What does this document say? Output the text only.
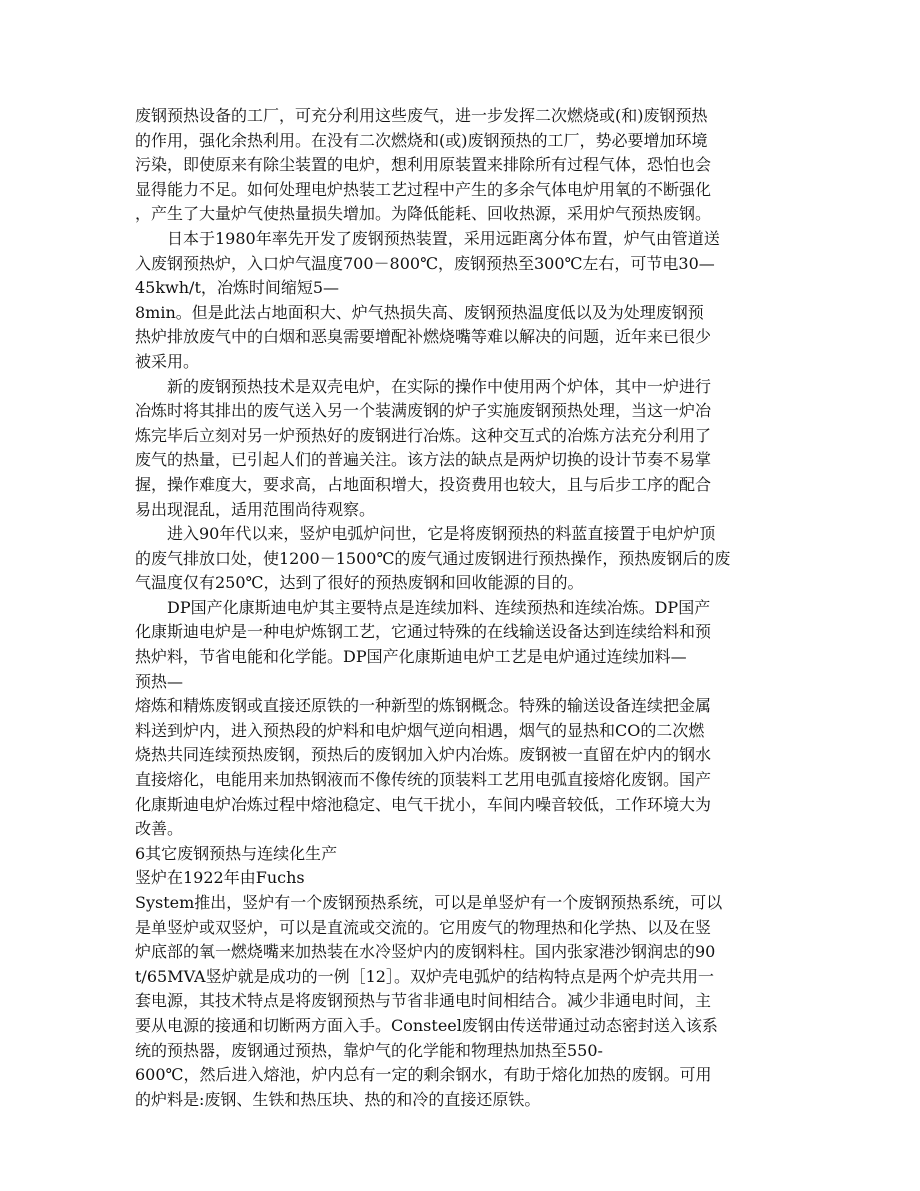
废钢预热设备的工厂，可充分利用这些废气，进一步发挥二次燃烧或(和)废钢预热
的作用，强化余热利用。在没有二次燃烧和(或)废钢预热的工厂，势必要增加环境
污染，即使原来有除尘装置的电炉，想利用原装置来排除所有过程气体，恐怕也会
显得能力不足。如何处理电炉热装工艺过程中产生的多余气体电炉用氧的不断强化
，产生了大量炉气使热量损失增加。为降低能耗、回收热源，采用炉气预热废钢。
　　日本于1980年率先开发了废钢预热装置，采用远距离分体布置，炉气由管道送
入废钢预热炉，入口炉气温度700－800℃，废钢预热至300℃左右，可节电30—
45kwh/t，冶炼时间缩短5—
8min。但是此法占地面积大、炉气热损失高、废钢预热温度低以及为处理废钢预
热炉排放废气中的白烟和恶臭需要增配补燃烧嘴等难以解决的问题，近年来已很少
被采用。
　　新的废钢预热技术是双壳电炉，在实际的操作中使用两个炉体，其中一炉进行
冶炼时将其排出的废气送入另一个装满废钢的炉子实施废钢预热处理，当这一炉冶
炼完毕后立刻对另一炉预热好的废钢进行冶炼。这种交互式的冶炼方法充分利用了
废气的热量，已引起人们的普遍关注。该方法的缺点是两炉切换的设计节奏不易掌
握，操作难度大，要求高，占地面积增大，投资费用也较大，且与后步工序的配合
易出现混乱，适用范围尚待观察。
　　进入90年代以来，竖炉电弧炉问世，它是将废钢预热的料蓝直接置于电炉炉顶
的废气排放口处，使1200－1500℃的废气通过废钢进行预热操作，预热废钢后的废
气温度仅有250℃，达到了很好的预热废钢和回收能源的目的。
　　DP国产化康斯迪电炉其主要特点是连续加料、连续预热和连续冶炼。DP国产
化康斯迪电炉是一种电炉炼钢工艺，它通过特殊的在线输送设备达到连续给料和预
热炉料，节省电能和化学能。DP国产化康斯迪电炉工艺是电炉通过连续加料—
预热—
熔炼和精炼废钢或直接还原铁的一种新型的炼钢概念。特殊的输送设备连续把金属
料送到炉内，进入预热段的炉料和电炉烟气逆向相遇，烟气的显热和CO的二次燃
烧热共同连续预热废钢，预热后的废钢加入炉内冶炼。废钢被一直留在炉内的钢水
直接熔化，电能用来加热钢液而不像传统的顶装料工艺用电弧直接熔化废钢。国产
化康斯迪电炉冶炼过程中熔池稳定、电气干扰小，车间内噪音较低，工作环境大为
改善。
6其它废钢预热与连续化生产
竖炉在1922年由Fuchs
System推出，竖炉有一个废钢预热系统，可以是单竖炉有一个废钢预热系统，可以
是单竖炉或双竖炉，可以是直流或交流的。它用废气的物理热和化学热、以及在竖
炉底部的氧一燃烧嘴来加热装在水冷竖炉内的废钢料柱。国内张家港沙钢润忠的90
t/65MVA竖炉就是成功的一例［12］。双炉壳电弧炉的结构特点是两个炉壳共用一
套电源，其技术特点是将废钢预热与节省非通电时间相结合。减少非通电时间，主
要从电源的接通和切断两方面入手。Consteel废钢由传送带通过动态密封送入该系
统的预热器，废钢通过预热，靠炉气的化学能和物理热加热至550-
600℃，然后进入熔池，炉内总有一定的剩余钢水，有助于熔化加热的废钢。可用
的炉料是:废钢、生铁和热压块、热的和冷的直接还原铁。
